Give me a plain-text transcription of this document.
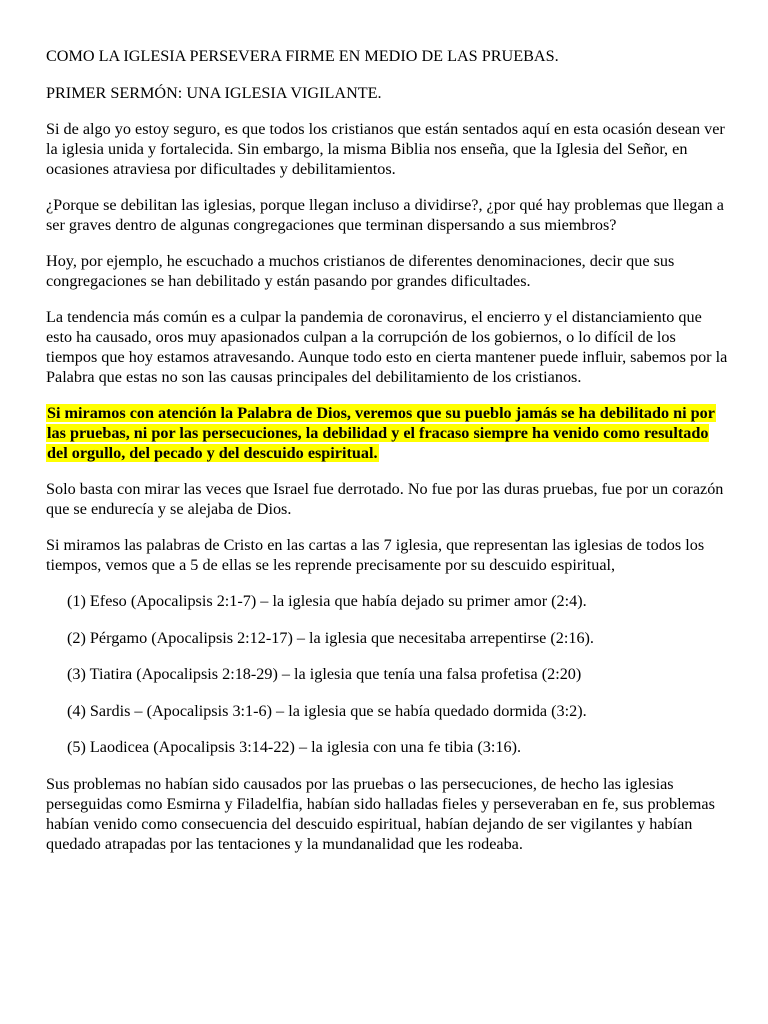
COMO LA IGLESIA PERSEVERA FIRME EN MEDIO DE LAS PRUEBAS.

PRIMER SERMÓN: UNA IGLESIA VIGILANTE.

Si de algo yo estoy seguro, es que todos los cristianos que están sentados aquí en esta ocasión desean ver la iglesia unida y fortalecida. Sin embargo, la misma Biblia nos enseña, que la Iglesia del Señor, en ocasiones atraviesa por dificultades y debilitamientos.

¿Porque se debilitan las iglesias, porque llegan incluso a dividirse?, ¿por qué hay problemas que llegan a ser graves dentro de algunas congregaciones que terminan dispersando a sus miembros?

Hoy, por ejemplo, he escuchado a muchos cristianos de diferentes denominaciones, decir que sus congregaciones se han debilitado y están pasando por grandes dificultades.

La tendencia más común es a culpar la pandemia de coronavirus, el encierro y el distanciamiento que esto ha causado, oros muy apasionados culpan a la corrupción de los gobiernos, o lo difícil de los tiempos que hoy estamos atravesando. Aunque todo esto en cierta mantener puede influir, sabemos por la Palabra que estas no son las causas principales del debilitamiento de los cristianos.

Si miramos con atención la Palabra de Dios, veremos que su pueblo jamás se ha debilitado ni por las pruebas, ni por las persecuciones, la debilidad y el fracaso siempre ha venido como resultado del orgullo, del pecado y del descuido espiritual.

Solo basta con mirar las veces que Israel fue derrotado. No fue por las duras pruebas, fue por un corazón que se endurecía y se alejaba de Dios.

Si miramos las palabras de Cristo en las cartas a las 7 iglesia, que representan las iglesias de todos los tiempos, vemos que a 5 de ellas se les reprende precisamente por su descuido espiritual,

(1) Efeso (Apocalipsis 2:1-7) – la iglesia que había dejado su primer amor (2:4).
(2) Pérgamo (Apocalipsis 2:12-17) – la iglesia que necesitaba arrepentirse (2:16).
(3) Tiatira (Apocalipsis 2:18-29) – la iglesia que tenía una falsa profetisa (2:20)
(4) Sardis – (Apocalipsis 3:1-6) – la iglesia que se había quedado dormida (3:2).
(5) Laodicea (Apocalipsis 3:14-22) – la iglesia con una fe tibia (3:16).

Sus problemas no habían sido causados por las pruebas o las persecuciones, de hecho las iglesias perseguidas como Esmirna y Filadelfia, habían sido halladas fieles y perseveraban en fe, sus problemas habían venido como consecuencia del descuido espiritual, habían dejando de ser vigilantes y habían quedado atrapadas por las tentaciones y la mundanalidad que les rodeaba.
